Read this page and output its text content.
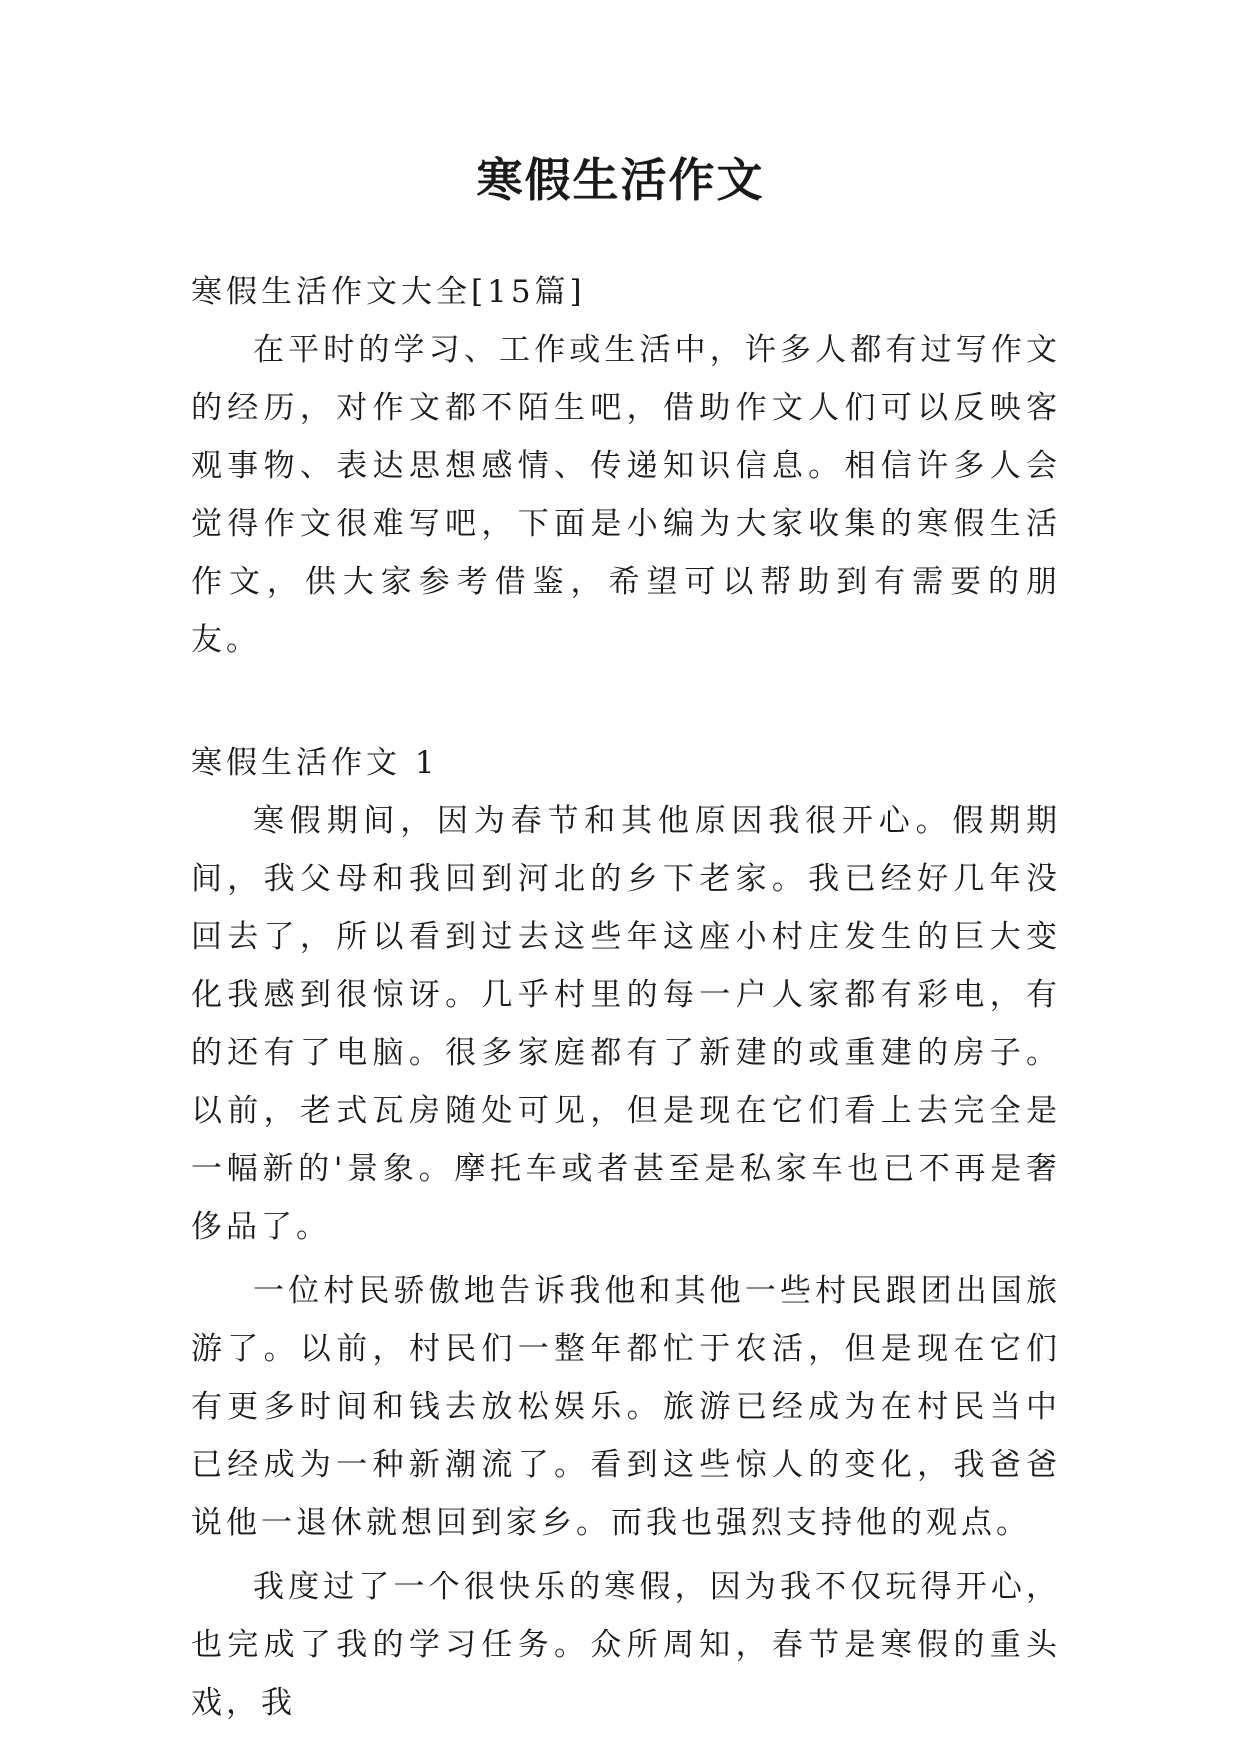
寒假生活作文

寒假生活作文大全[15篇]

在平时的学习、工作或生活中，许多人都有过写作文的经历，对作文都不陌生吧，借助作文人们可以反映客观事物、表达思想感情、传递知识信息。相信许多人会觉得作文很难写吧，下面是小编为大家收集的寒假生活作文，供大家参考借鉴，希望可以帮助到有需要的朋友。

寒假生活作文 1

寒假期间，因为春节和其他原因我很开心。假期期间，我父母和我回到河北的乡下老家。我已经好几年没回去了，所以看到过去这些年这座小村庄发生的巨大变化我感到很惊讶。几乎村里的每一户人家都有彩电，有的还有了电脑。很多家庭都有了新建的或重建的房子。以前，老式瓦房随处可见，但是现在它们看上去完全是一幅新的'景象。摩托车或者甚至是私家车也已不再是奢侈品了。

一位村民骄傲地告诉我他和其他一些村民跟团出国旅游了。以前，村民们一整年都忙于农活，但是现在它们有更多时间和钱去放松娱乐。旅游已经成为在村民当中已经成为一种新潮流了。看到这些惊人的变化，我爸爸说他一退休就想回到家乡。而我也强烈支持他的观点。

我度过了一个很快乐的寒假，因为我不仅玩得开心，也完成了我的学习任务。众所周知，春节是寒假的重头戏，我
